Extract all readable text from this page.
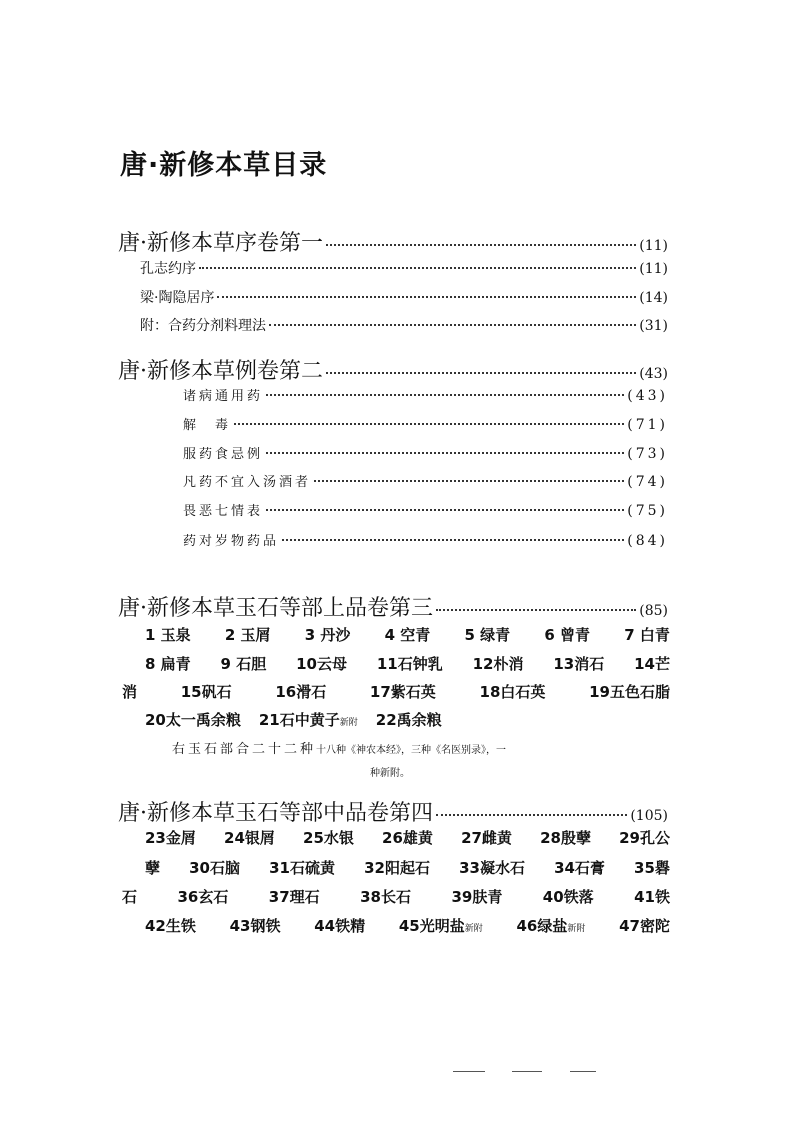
唐·新修本草目录
唐·新修本草序卷第一	(11)
孔志约序	(11)
梁·陶隐居序	(14)
附：合药分剂料理法	(31)
唐·新修本草例卷第二	(43)
诸病通用药	(43)
解　毒	(71)
服药食忌例	(73)
凡药不宜入汤酒者	(74)
畏恶七情表	(75)
药对岁物药品	(84)
唐·新修本草玉石等部上品卷第三	(85)
唐·新修本草玉石等部中品卷第四	(105)
1 玉泉 2 玉屑 3 丹沙 4 空青 5 绿青 6 曾青 7 白青
8 扁青 9 石胆 10云母 11石钟乳 12朴消 13消石 14芒
消	15矾石	16滑石	17紫石英	18白石英	19五色石脂
20太一禹余粮 21石中黄子新附 22禹余粮
右玉石部合二十二种十八种《神农本经》，三种《名医别录》，一
种新附。
23金屑 24银屑 25水银 26雄黄 27雌黄 28殷孽 29孔公
孽 30石脑 31石硫黄 32阳起石 33凝水石 34石膏 35礜
石	36玄石	37理石	38长石	39肤青	40铁落	41铁
42生铁 43钢铁 44铁精 45光明盐新附 46绿盐新附 47密陀
